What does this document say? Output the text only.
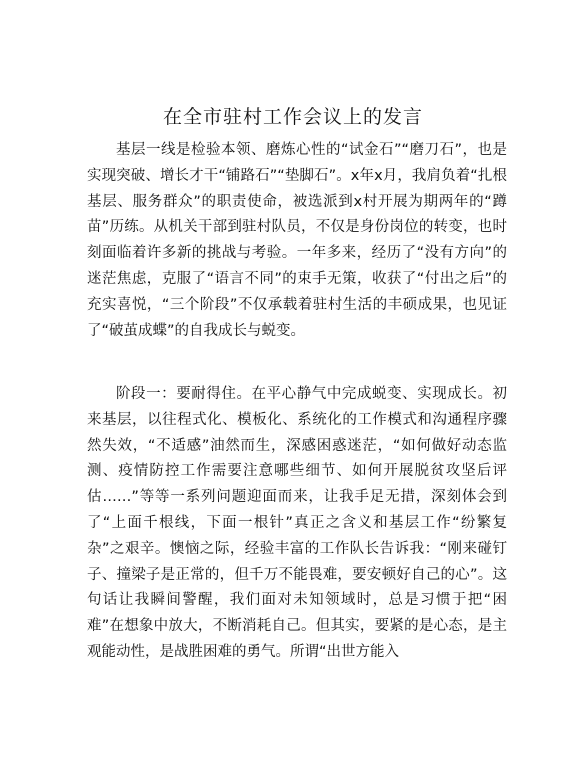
在全市驻村工作会议上的发言

基层一线是检验本领、磨炼心性的“试金石”“磨刀石”，也是实现突破、增长才干“铺路石”“垫脚石”。x年x月，我肩负着“扎根基层、服务群众”的职责使命，被选派到x村开展为期两年的“蹲苗”历练。从机关干部到驻村队员，不仅是身份岗位的转变，也时刻面临着许多新的挑战与考验。一年多来，经历了“没有方向”的迷茫焦虑，克服了“语言不同”的束手无策，收获了“付出之后”的充实喜悦，“三个阶段”不仅承载着驻村生活的丰硕成果，也见证了“破茧成蝶”的自我成长与蜕变。

阶段一：要耐得住。在平心静气中完成蜕变、实现成长。初来基层，以往程式化、模板化、系统化的工作模式和沟通程序骤然失效，“不适感”油然而生，深感困惑迷茫，“如何做好动态监测、疫情防控工作需要注意哪些细节、如何开展脱贫攻坚后评估……”等等一系列问题迎面而来，让我手足无措，深刻体会到了“上面千根线，下面一根针”真正之含义和基层工作“纷繁复杂”之艰辛。懊恼之际，经验丰富的工作队长告诉我：“刚来碰钉子、撞梁子是正常的，但千万不能畏难，要安顿好自己的心”。这句话让我瞬间警醒，我们面对未知领域时，总是习惯于把“困难”在想象中放大，不断消耗自己。但其实，要紧的是心态，是主观能动性，是战胜困难的勇气。所谓“出世方能入
